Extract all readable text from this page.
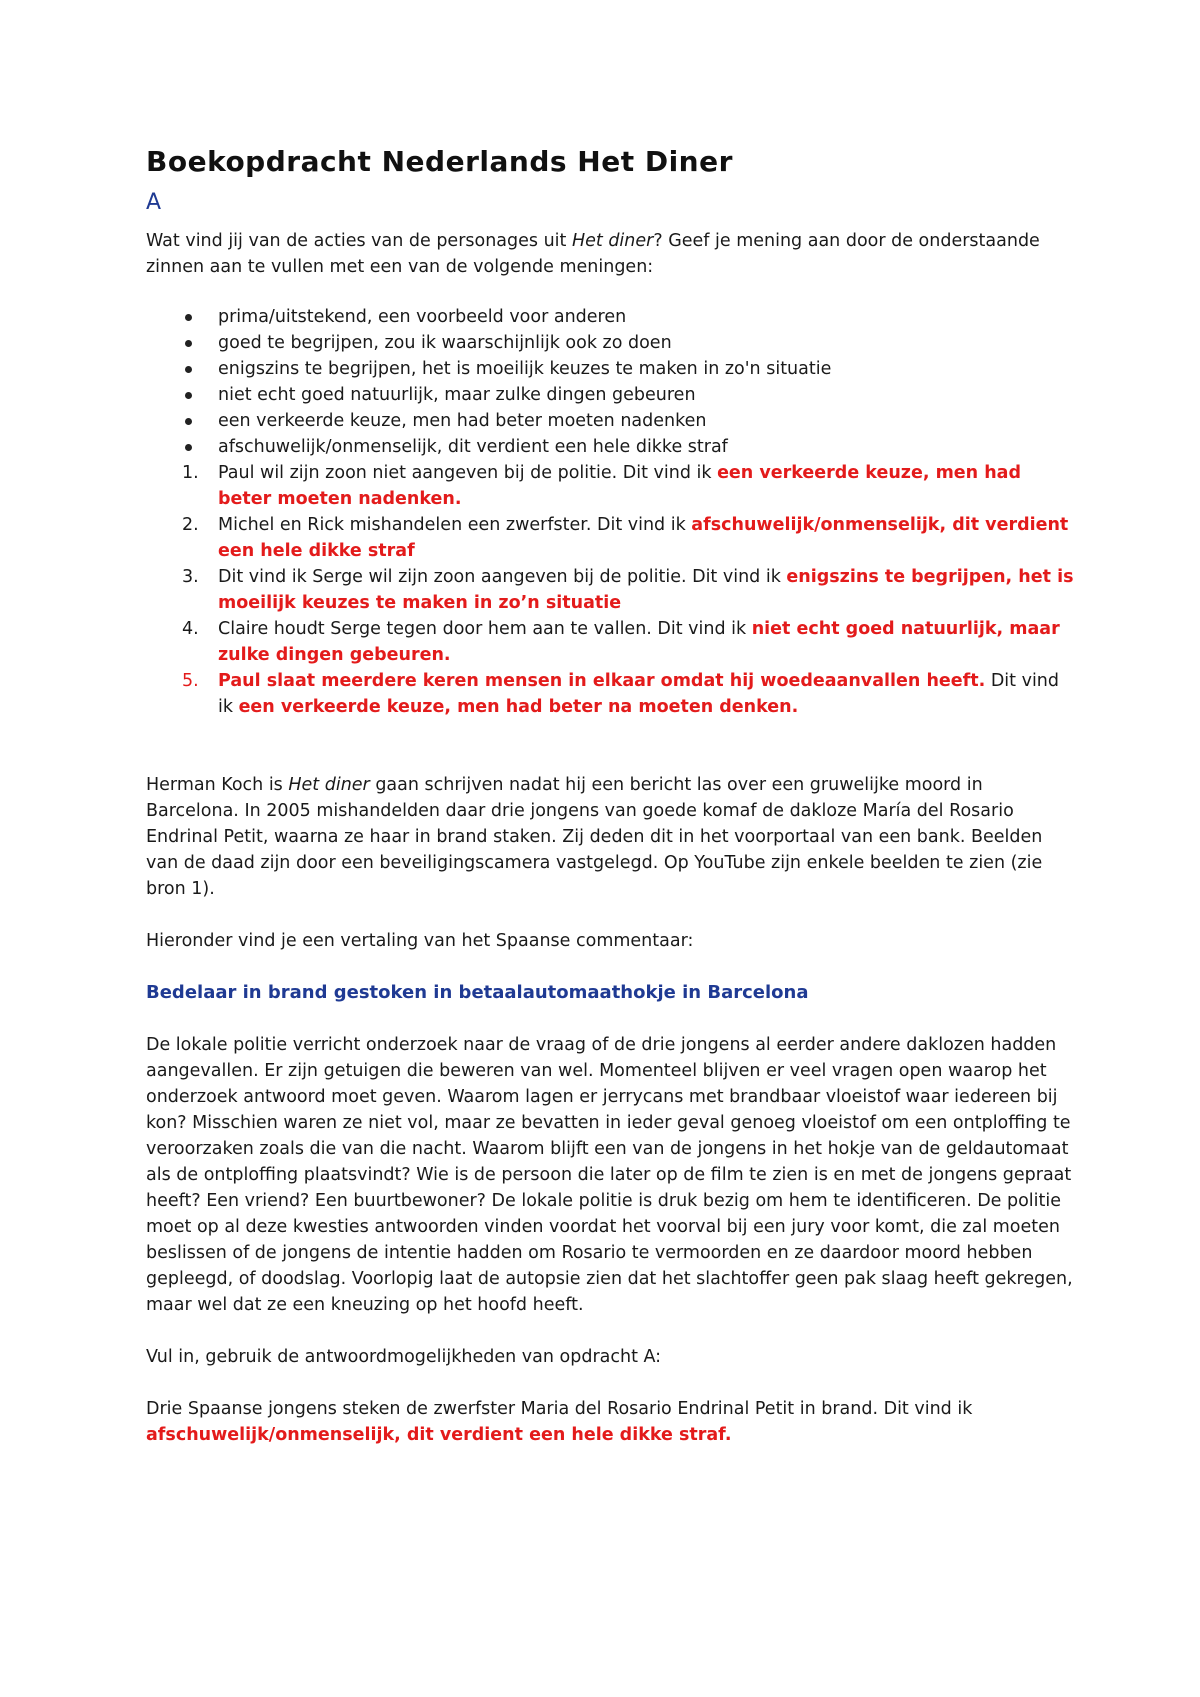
Boekopdracht Nederlands Het Diner
A

Wat vind jij van de acties van de personages uit Het diner? Geef je mening aan door de onderstaande zinnen aan te vullen met een van de volgende meningen:

prima/uitstekend, een voorbeeld voor anderen
goed te begrijpen, zou ik waarschijnlijk ook zo doen
enigszins te begrijpen, het is moeilijk keuzes te maken in zo'n situatie
niet echt goed natuurlijk, maar zulke dingen gebeuren
een verkeerde keuze, men had beter moeten nadenken
afschuwelijk/onmenselijk, dit verdient een hele dikke straf
1. Paul wil zijn zoon niet aangeven bij de politie. Dit vind ik een verkeerde keuze, men had beter moeten nadenken.
2. Michel en Rick mishandelen een zwerfster. Dit vind ik afschuwelijk/onmenselijk, dit verdient een hele dikke straf
3. Dit vind ik Serge wil zijn zoon aangeven bij de politie. Dit vind ik enigszins te begrijpen, het is moeilijk keuzes te maken in zo’n situatie
4. Claire houdt Serge tegen door hem aan te vallen. Dit vind ik niet echt goed natuurlijk, maar zulke dingen gebeuren.
5. Paul slaat meerdere keren mensen in elkaar omdat hij woedeaanvallen heeft. Dit vind ik een verkeerde keuze, men had beter na moeten denken.

Herman Koch is Het diner gaan schrijven nadat hij een bericht las over een gruwelijke moord in Barcelona. In 2005 mishandelden daar drie jongens van goede komaf de dakloze María del Rosario Endrinal Petit, waarna ze haar in brand staken. Zij deden dit in het voorportaal van een bank. Beelden van de daad zijn door een beveiligingscamera vastgelegd. Op YouTube zijn enkele beelden te zien (zie bron 1).

Hieronder vind je een vertaling van het Spaanse commentaar:

Bedelaar in brand gestoken in betaalautomaathokje in Barcelona

De lokale politie verricht onderzoek naar de vraag of de drie jongens al eerder andere daklozen hadden aangevallen. Er zijn getuigen die beweren van wel. Momenteel blijven er veel vragen open waarop het onderzoek antwoord moet geven. Waarom lagen er jerrycans met brandbaar vloeistof waar iedereen bij kon? Misschien waren ze niet vol, maar ze bevatten in ieder geval genoeg vloeistof om een ontploffing te veroorzaken zoals die van die nacht. Waarom blijft een van de jongens in het hokje van de geldautomaat als de ontploffing plaatsvindt? Wie is de persoon die later op de film te zien is en met de jongens gepraat heeft? Een vriend? Een buurtbewoner? De lokale politie is druk bezig om hem te identificeren. De politie moet op al deze kwesties antwoorden vinden voordat het voorval bij een jury voor komt, die zal moeten beslissen of de jongens de intentie hadden om Rosario te vermoorden en ze daardoor moord hebben gepleegd, of doodslag. Voorlopig laat de autopsie zien dat het slachtoffer geen pak slaag heeft gekregen, maar wel dat ze een kneuzing op het hoofd heeft.

Vul in, gebruik de antwoordmogelijkheden van opdracht A:

Drie Spaanse jongens steken de zwerfster Maria del Rosario Endrinal Petit in brand. Dit vind ik afschuwelijk/onmenselijk, dit verdient een hele dikke straf.
